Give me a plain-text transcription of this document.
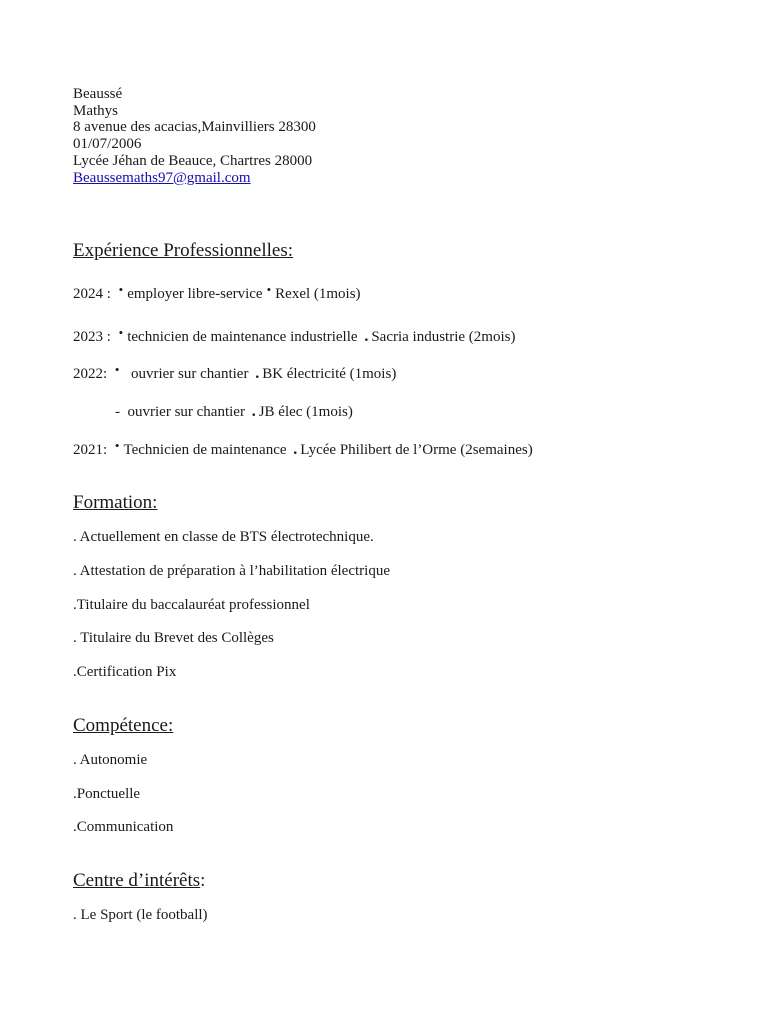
Beaussé
Mathys
8 avenue des acacias,Mainvilliers 28300
01/07/2006
Lycée Jéhan de Beauce, Chartres 28000
Beaussemaths97@gmail.com
Expérience Professionnelles:
2024 : • employer libre-service • Rexel (1mois)
2023 : • technicien de maintenance industrielle . Sacria industrie (2mois)
2022: • ouvrier sur chantier . BK électricité (1mois)
- ouvrier sur chantier . JB élec (1mois)
2021: • Technicien de maintenance . Lycée Philibert de l’Orme (2semaines)
Formation:
. Actuellement en classe de BTS électrotechnique.
. Attestation de préparation à l’habilitation électrique
.Titulaire du baccalauréat professionnel
. Titulaire du Brevet des Collèges
.Certification Pix
Compétence:
. Autonomie
.Ponctuelle
.Communication
Centre d’intérêts:
. Le Sport (le football)
